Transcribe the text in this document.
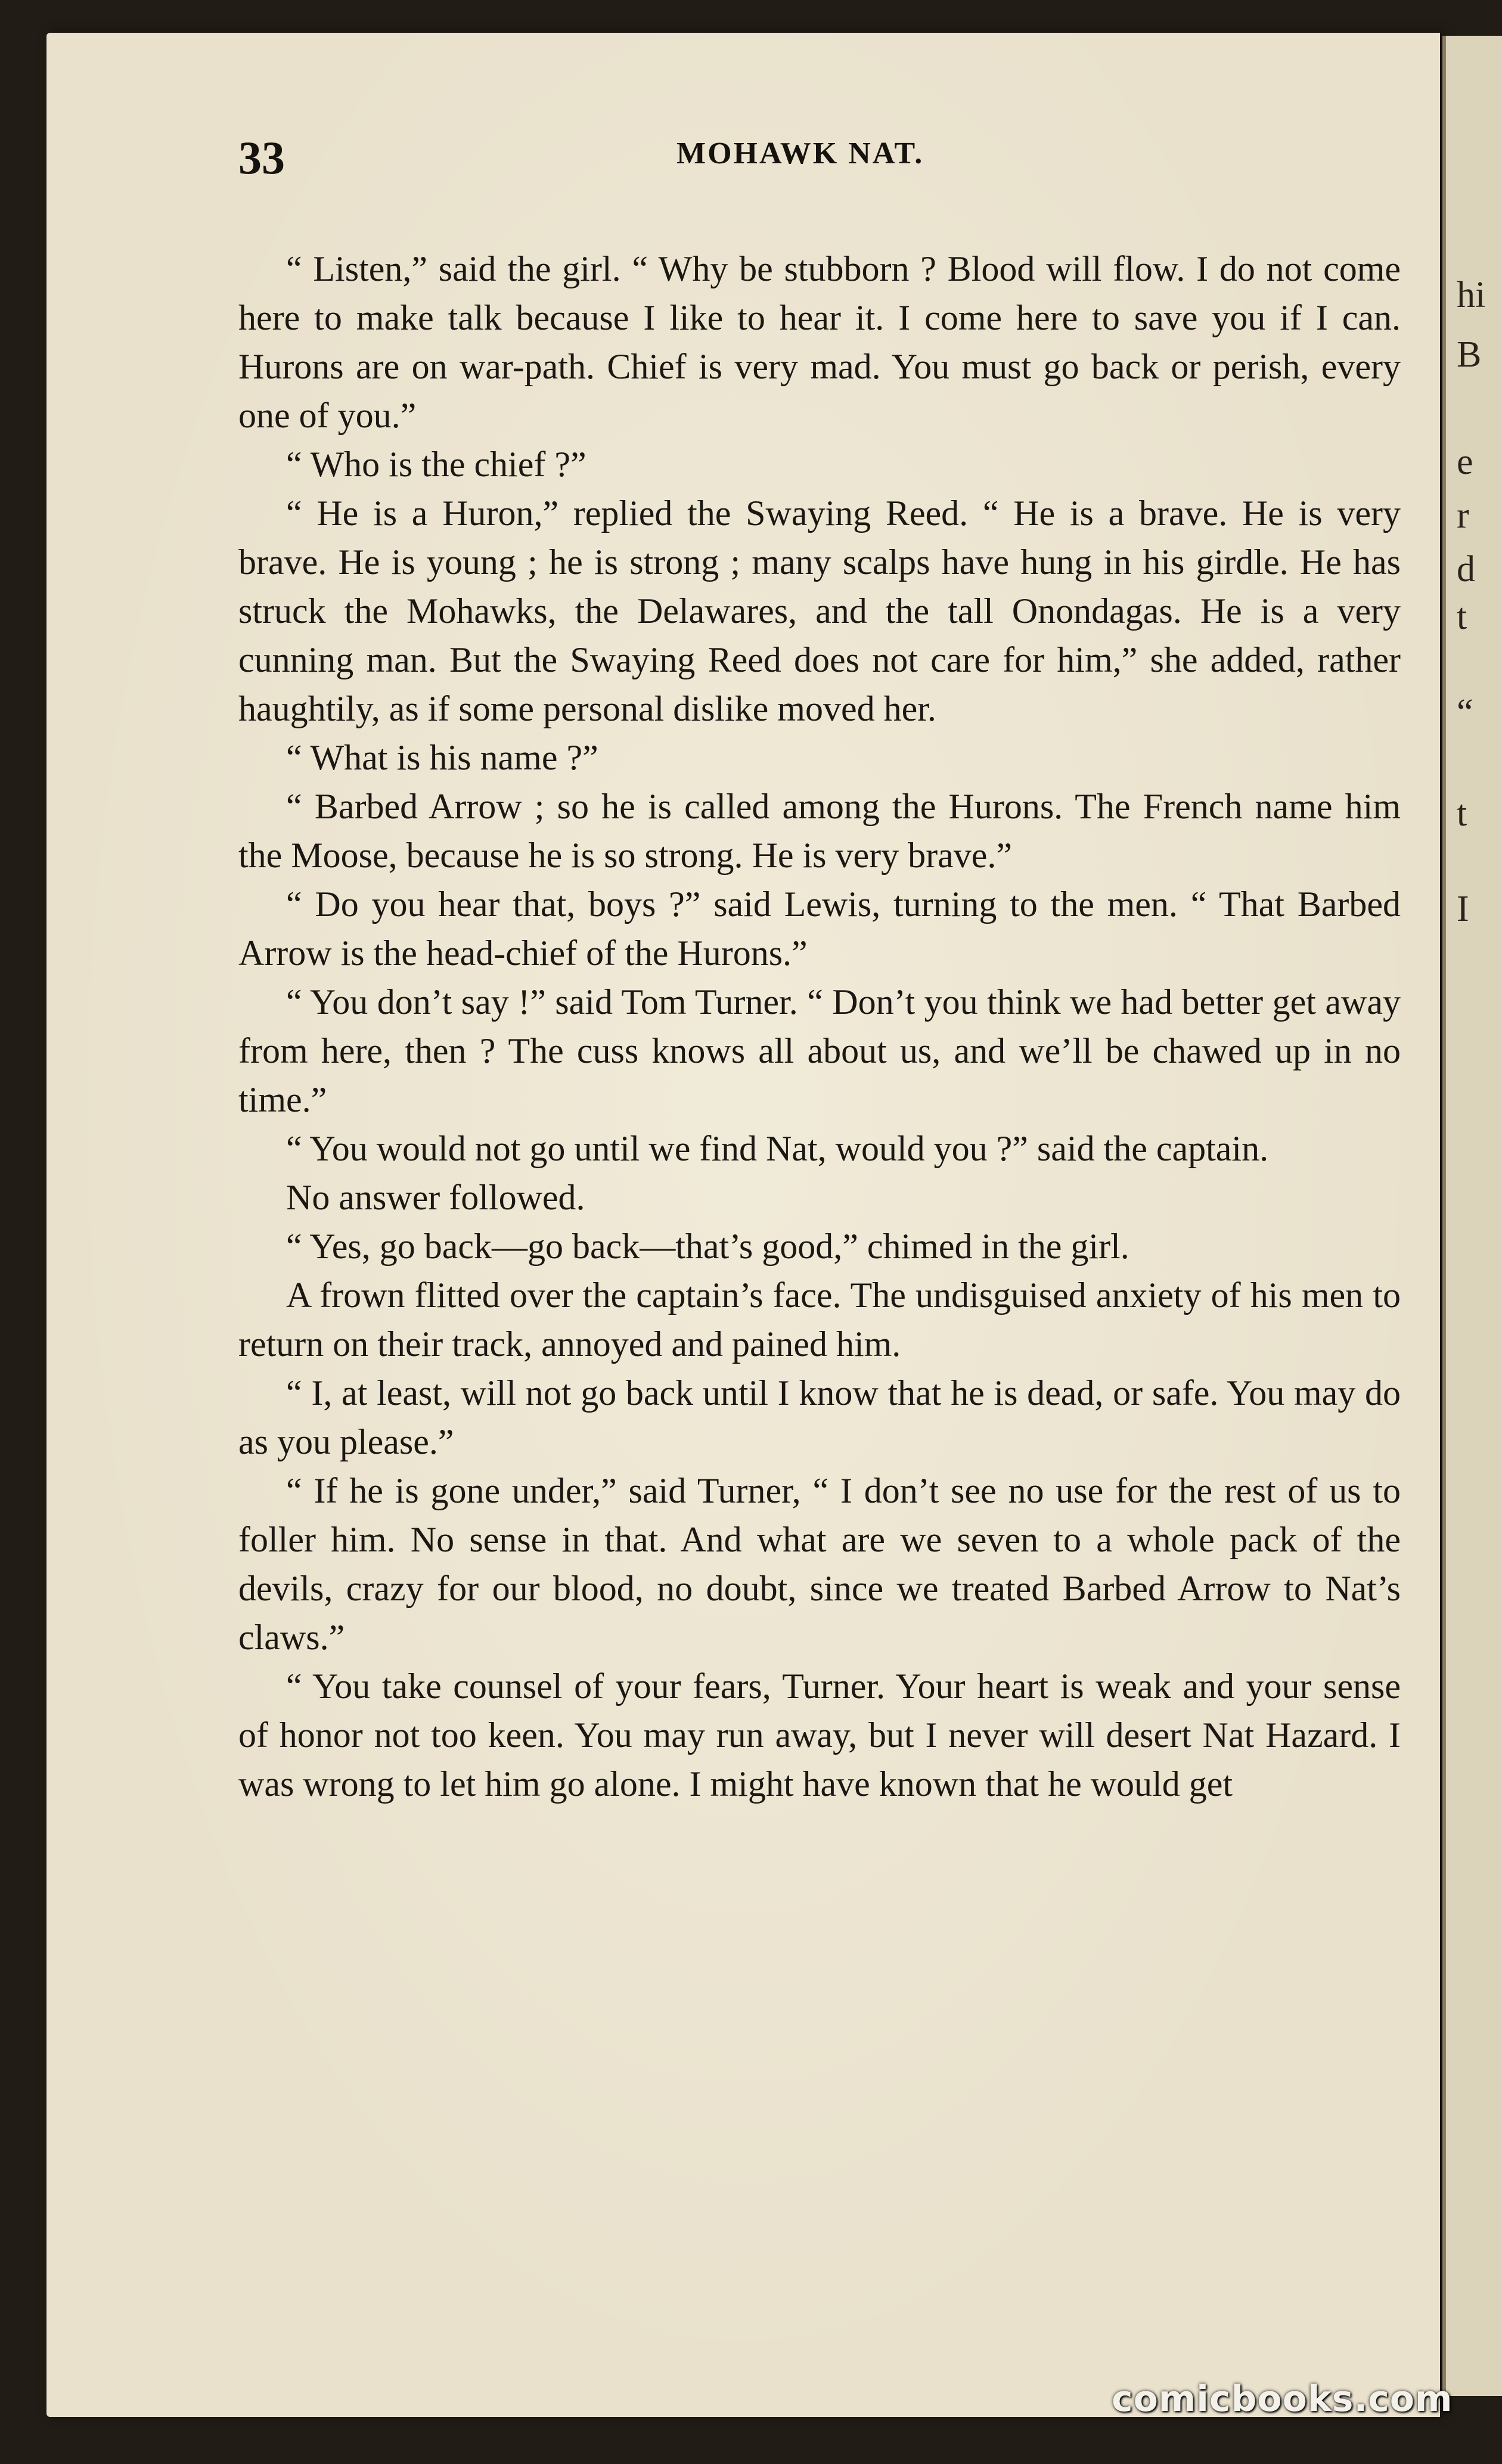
hi
B
e
r
d
t
“
t
I
33	MOHAWK NAT.

“ Listen,” said the girl. “ Why be stubborn ? Blood will flow. I do not come here to make talk because I like to hear it. I come here to save you if I can. Hurons are on war-path. Chief is very mad. You must go back or perish, every one of you.”

“ Who is the chief ?”

“ He is a Huron,” replied the Swaying Reed. “ He is a brave. He is very brave. He is young ; he is strong ; many scalps have hung in his girdle. He has struck the Mohawks, the Delawares, and the tall Onondagas. He is a very cunning man. But the Swaying Reed does not care for him,” she added, rather haughtily, as if some personal dislike moved her.

“ What is his name ?”

“ Barbed Arrow ; so he is called among the Hurons. The French name him the Moose, because he is so strong. He is very brave.”

“ Do you hear that, boys ?” said Lewis, turning to the men. “ That Barbed Arrow is the head-chief of the Hurons.”

“ You don’t say !” said Tom Turner. “ Don’t you think we had better get away from here, then ? The cuss knows all about us, and we’ll be chawed up in no time.”

“ You would not go until we find Nat, would you ?” said the captain.

No answer followed.

“ Yes, go back—go back—that’s good,” chimed in the girl.

A frown flitted over the captain’s face. The undisguised anxiety of his men to return on their track, annoyed and pained him.

“ I, at least, will not go back until I know that he is dead, or safe. You may do as you please.”

“ If he is gone under,” said Turner, “ I don’t see no use for the rest of us to foller him. No sense in that. And what are we seven to a whole pack of the devils, crazy for our blood, no doubt, since we treated Barbed Arrow to Nat’s claws.”

“ You take counsel of your fears, Turner. Your heart is weak and your sense of honor not too keen. You may run away, but I never will desert Nat Hazard. I was wrong to let him go alone. I might have known that he would get

comicbooks.com
